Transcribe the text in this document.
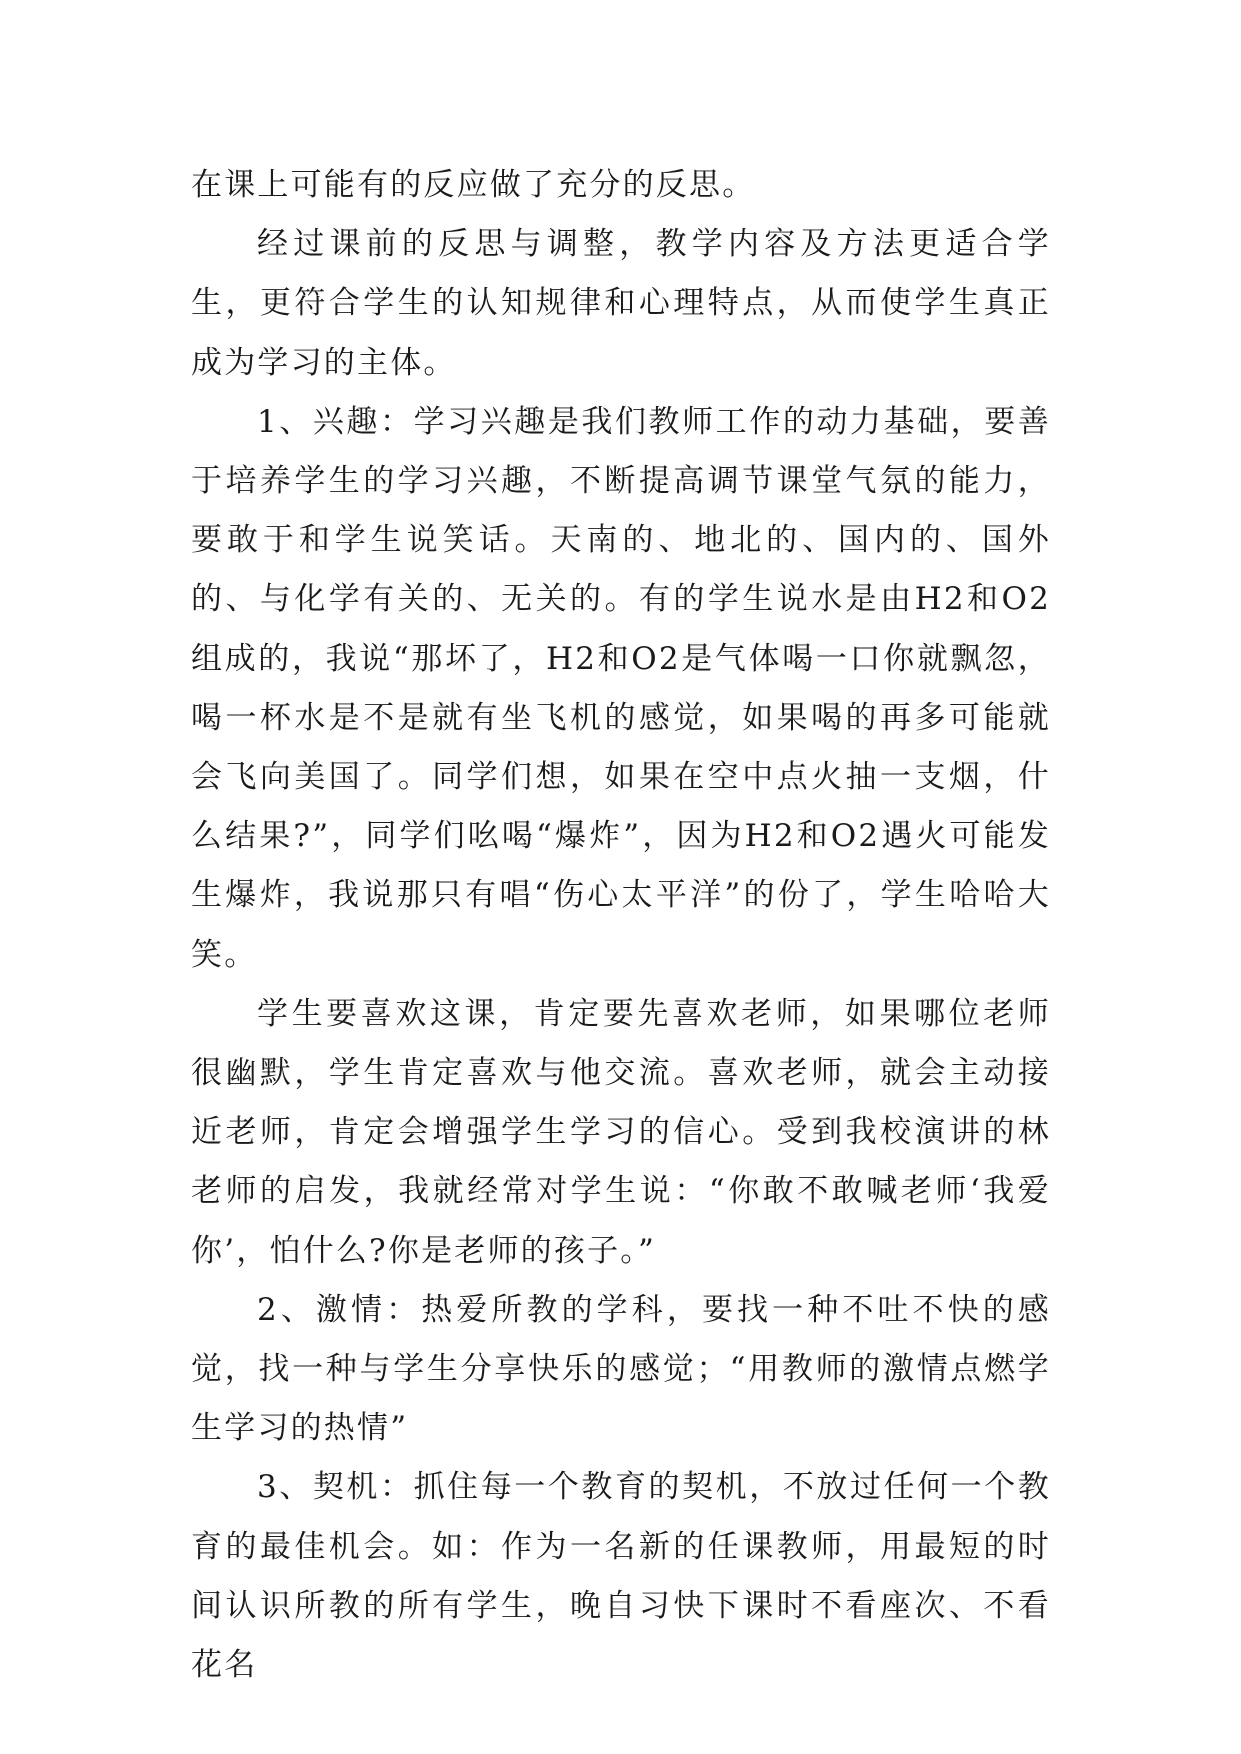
在课上可能有的反应做了充分的反思。

经过课前的反思与调整，教学内容及方法更适合学生，更符合学生的认知规律和心理特点，从而使学生真正成为学习的主体。

1、兴趣：学习兴趣是我们教师工作的动力基础，要善于培养学生的学习兴趣，不断提高调节课堂气氛的能力，要敢于和学生说笑话。天南的、地北的、国内的、国外的、与化学有关的、无关的。有的学生说水是由H2和O2组成的，我说“那坏了，H2和O2是气体喝一口你就飘忽，喝一杯水是不是就有坐飞机的感觉，如果喝的再多可能就会飞向美国了。同学们想，如果在空中点火抽一支烟，什么结果?”，同学们吆喝“爆炸”，因为H2和O2遇火可能发生爆炸，我说那只有唱“伤心太平洋”的份了，学生哈哈大笑。

学生要喜欢这课，肯定要先喜欢老师，如果哪位老师很幽默，学生肯定喜欢与他交流。喜欢老师，就会主动接近老师，肯定会增强学生学习的信心。受到我校演讲的林老师的启发，我就经常对学生说：“你敢不敢喊老师‘我爱你’，怕什么?你是老师的孩子。”

2、激情：热爱所教的学科，要找一种不吐不快的感觉，找一种与学生分享快乐的感觉；“用教师的激情点燃学生学习的热情”

3、契机：抓住每一个教育的契机，不放过任何一个教育的最佳机会。如：作为一名新的任课教师，用最短的时间认识所教的所有学生，晚自习快下课时不看座次、不看花名
